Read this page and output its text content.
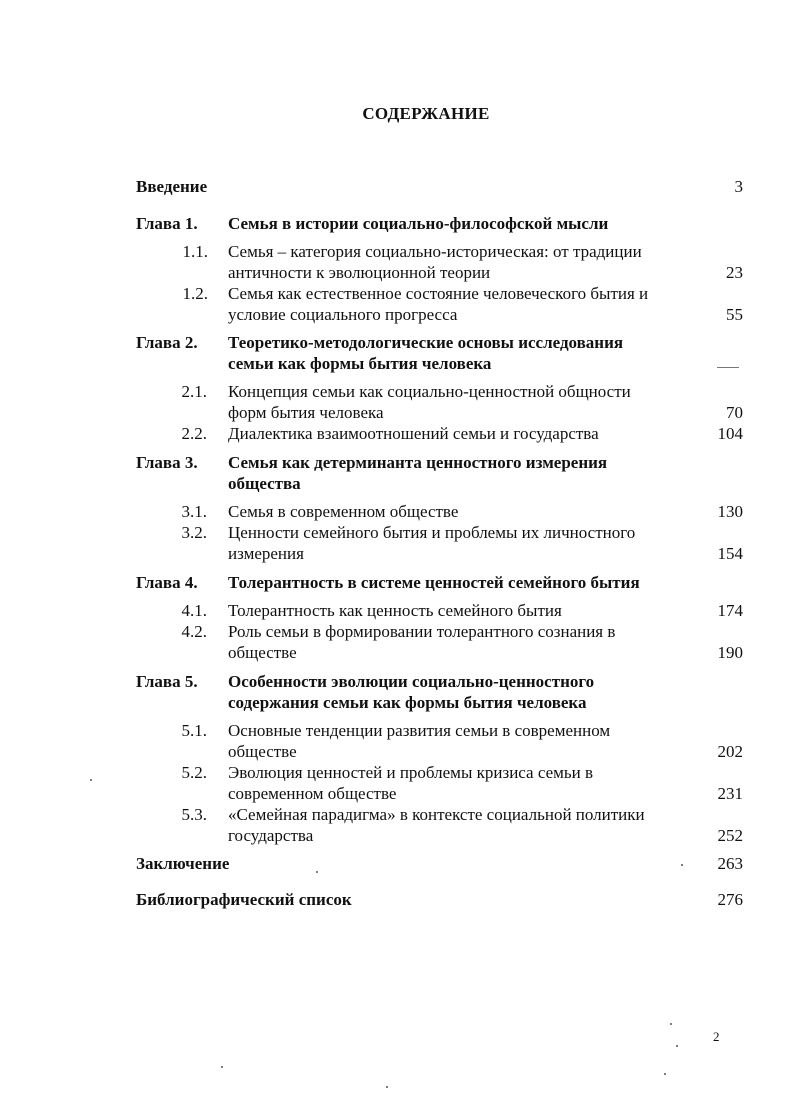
СОДЕРЖАНИЕ
Введение	3
Глава 1. Семья в истории социально-философской мысли
1.1. Семья – категория социально-историческая: от традиции
античности к эволюционной теории	23
1.2. Семья как естественное состояние человеческого бытия и
условие социального прогресса	55
Глава 2. Теоретико-методологические основы исследования
семьи как формы бытия человека
2.1. Концепция семьи как социально-ценностной общности
форм бытия человека	70
2.2. Диалектика взаимоотношений семьи и государства	104
Глава 3. Семья как детерминанта ценностного измерения
общества
3.1. Семья в современном обществе	130
3.2. Ценности семейного бытия и проблемы их личностного
измерения	154
Глава 4. Толерантность в системе ценностей семейного бытия
4.1. Толерантность как ценность семейного бытия	174
4.2. Роль семьи в формировании толерантного сознания в
обществе	190
Глава 5. Особенности эволюции социально-ценностного
содержания семьи как формы бытия человека
5.1. Основные тенденции развития семьи в современном
обществе	202
5.2. Эволюция ценностей и проблемы кризиса семьи в
современном обществе	231
5.3. «Семейная парадигма» в контексте социальной политики
государства	252
Заключение	263
Библиографический список	276
2
